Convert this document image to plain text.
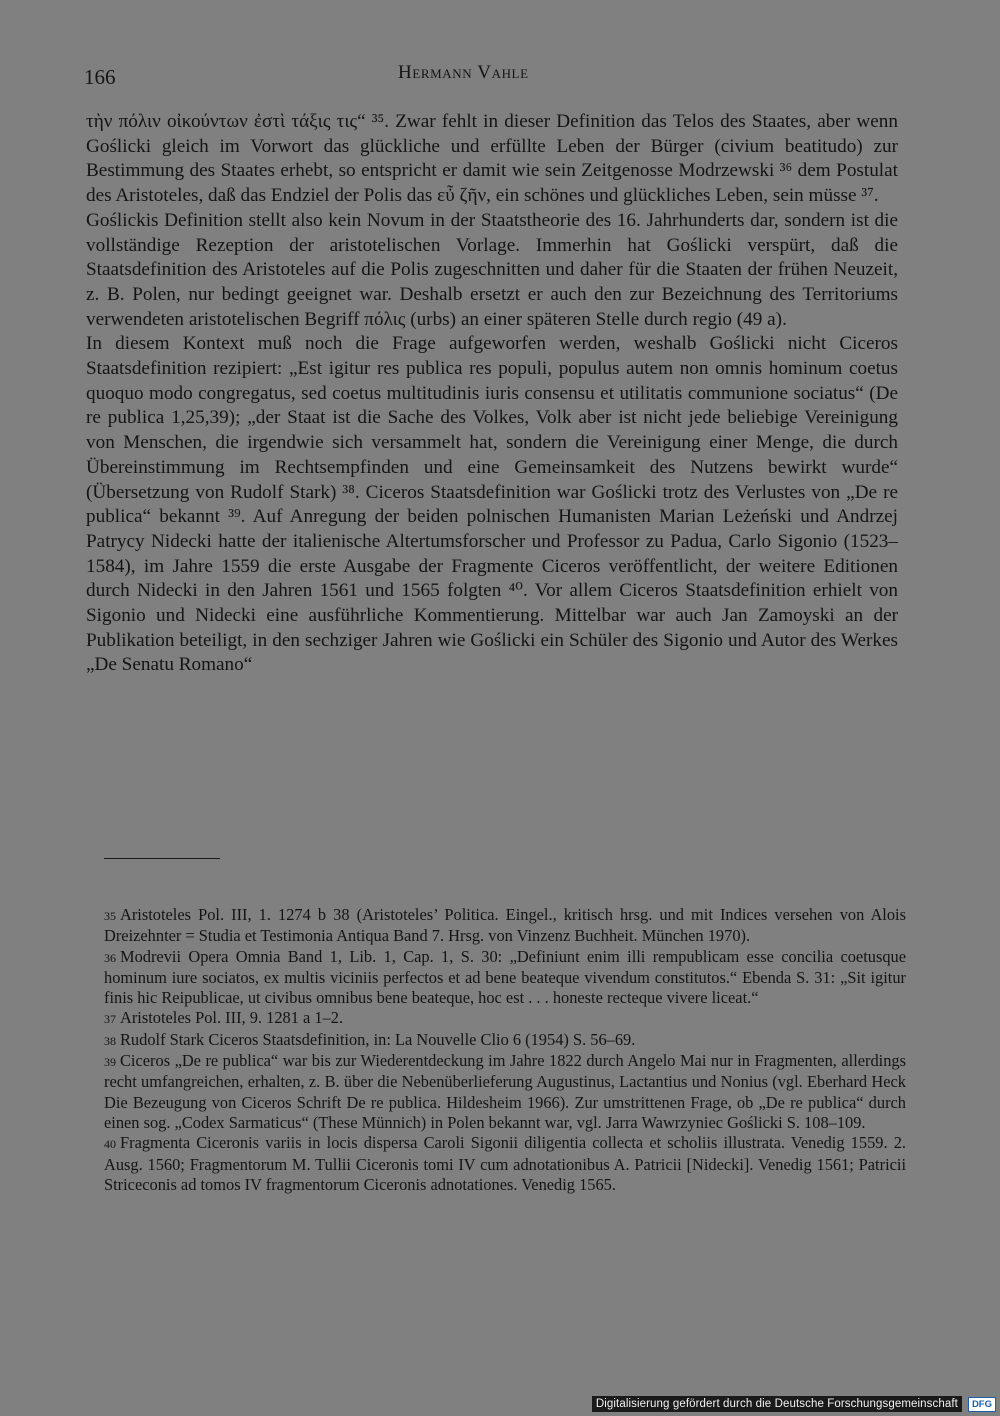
166	Hermann Vahle

τὴν πόλιν οἰκούντων ἐστὶ τάξις τις“ ³⁵. Zwar fehlt in dieser Definition das Telos des Staates, aber wenn Goślicki gleich im Vorwort das glückliche und erfüllte Leben der Bürger (civium beatitudo) zur Bestimmung des Staates erhebt, so entspricht er damit wie sein Zeitgenosse Modrzewski ³⁶ dem Postulat des Aristoteles, daß das Endziel der Polis das εὖ ζῆν, ein schönes und glückliches Leben, sein müsse ³⁷.

Goślickis Definition stellt also kein Novum in der Staatstheorie des 16. Jahrhunderts dar, sondern ist die vollständige Rezeption der aristotelischen Vorlage. Immerhin hat Goślicki verspürt, daß die Staatsdefinition des Aristoteles auf die Polis zugeschnitten und daher für die Staaten der frühen Neuzeit, z. B. Polen, nur bedingt geeignet war. Deshalb ersetzt er auch den zur Bezeichnung des Territoriums verwendeten aristotelischen Begriff πόλις (urbs) an einer späteren Stelle durch regio (49 a).

In diesem Kontext muß noch die Frage aufgeworfen werden, weshalb Goślicki nicht Ciceros Staatsdefinition rezipiert: „Est igitur res publica res populi, populus autem non omnis hominum coetus quoquo modo congregatus, sed coetus multitudinis iuris consensu et utilitatis communione sociatus“ (De re publica 1,25,39); „der Staat ist die Sache des Volkes, Volk aber ist nicht jede beliebige Vereinigung von Menschen, die irgendwie sich versammelt hat, sondern die Vereinigung einer Menge, die durch Übereinstimmung im Rechtsempfinden und eine Gemeinsamkeit des Nutzens bewirkt wurde“ (Übersetzung von Rudolf Stark) ³⁸. Ciceros Staatsdefinition war Goślicki trotz des Verlustes von „De re publica“ bekannt ³⁹. Auf Anregung der beiden polnischen Humanisten Marian Leżeński und Andrzej Patrycy Nidecki hatte der italienische Altertumsforscher und Professor zu Padua, Carlo Sigonio (1523–1584), im Jahre 1559 die erste Ausgabe der Fragmente Ciceros veröffentlicht, der weitere Editionen durch Nidecki in den Jahren 1561 und 1565 folgten ⁴⁰. Vor allem Ciceros Staatsdefinition erhielt von Sigonio und Nidecki eine ausführliche Kommentierung. Mittelbar war auch Jan Zamoyski an der Publikation beteiligt, in den sechziger Jahren wie Goślicki ein Schüler des Sigonio und Autor des Werkes „De Senatu Romano“

35 Aristoteles Pol. III, 1. 1274 b 38 (Aristoteles’ Politica. Eingel., kritisch hrsg. und mit Indices versehen von Alois Dreizehnter = Studia et Testimonia Antiqua Band 7. Hrsg. von Vinzenz Buchheit. München 1970).

36 Modrevii Opera Omnia Band 1, Lib. 1, Cap. 1, S. 30: „Definiunt enim illi rempublicam esse concilia coetusque hominum iure sociatos, ex multis viciniis perfectos et ad bene beateque vivendum constitutos.“ Ebenda S. 31: „Sit igitur finis hic Reipublicae, ut civibus omnibus bene beateque, hoc est . . . honeste recteque vivere liceat.“

37 Aristoteles Pol. III, 9. 1281 a 1–2.

38 Rudolf Stark Ciceros Staatsdefinition, in: La Nouvelle Clio 6 (1954) S. 56–69.

39 Ciceros „De re publica“ war bis zur Wiederentdeckung im Jahre 1822 durch Angelo Mai nur in Fragmenten, allerdings recht umfangreichen, erhalten, z. B. über die Nebenüberlieferung Augustinus, Lactantius und Nonius (vgl. Eberhard Heck Die Bezeugung von Ciceros Schrift De re publica. Hildesheim 1966). Zur umstrittenen Frage, ob „De re publica“ durch einen sog. „Codex Sarmaticus“ (These Münnich) in Polen bekannt war, vgl. Jarra Wawrzyniec Goślicki S. 108–109.

40 Fragmenta Ciceronis variis in locis dispersa Caroli Sigonii diligentia collecta et scholiis illustrata. Venedig 1559. 2. Ausg. 1560; Fragmentorum M. Tullii Ciceronis tomi IV cum adnotationibus A. Patricii [Nidecki]. Venedig 1561; Patricii Striceconis ad tomos IV fragmentorum Ciceronis adnotationes. Venedig 1565.

Digitalisierung gefördert durch die Deutsche Forschungsgemeinschaft	DFG
